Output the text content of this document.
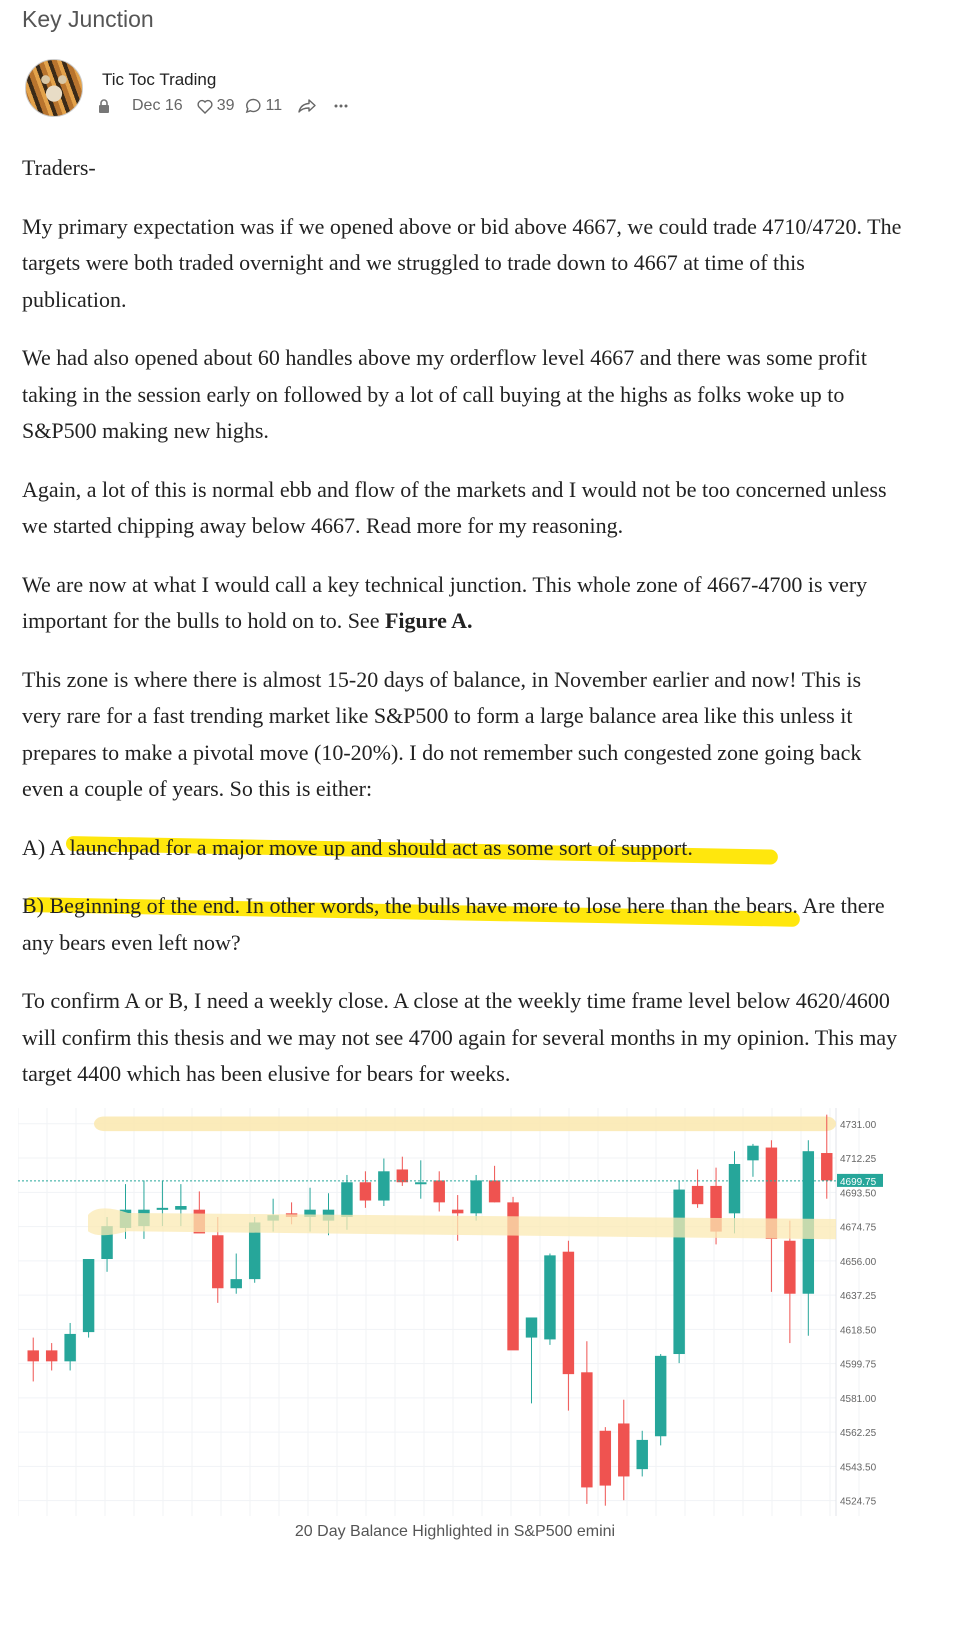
Key Junction
Tic Toc Trading
Dec 16 39 11

Traders-

My primary expectation was if we opened above or bid above 4667, we could trade 4710/4720. The targets were both traded overnight and we struggled to trade down to 4667 at time of this publication.

We had also opened about 60 handles above my orderflow level 4667 and there was some profit taking in the session early on followed by a lot of call buying at the highs as folks woke up to S&P500 making new highs.

Again, a lot of this is normal ebb and flow of the markets and I would not be too concerned unless we started chipping away below 4667. Read more for my reasoning.

We are now at what I would call a key technical junction. This whole zone of 4667-4700 is very important for the bulls to hold on to. See Figure A.

This zone is where there is almost 15-20 days of balance, in November earlier and now! This is very rare for a fast trending market like S&P500 to form a large balance area like this unless it prepares to make a pivotal move (10-20%). I do not remember such congested zone going back even a couple of years. So this is either:

A) A launchpad for a major move up and should act as some sort of support.

B) Beginning of the end. In other words, the bulls have more to lose here than the bears. Are there any bears even left now?

To confirm A or B, I need a weekly close. A close at the weekly time frame level below 4620/4600 will confirm this thesis and we may not see 4700 again for several months in my opinion. This may target 4400 which has been elusive for bears for weeks.

4731.00
4712.25
4693.50
4674.75
4656.00
4637.25
4618.50
4599.75
4581.00
4562.25
4543.50
4524.75
4699.75
20 Day Balance Highlighted in S&P500 emini
